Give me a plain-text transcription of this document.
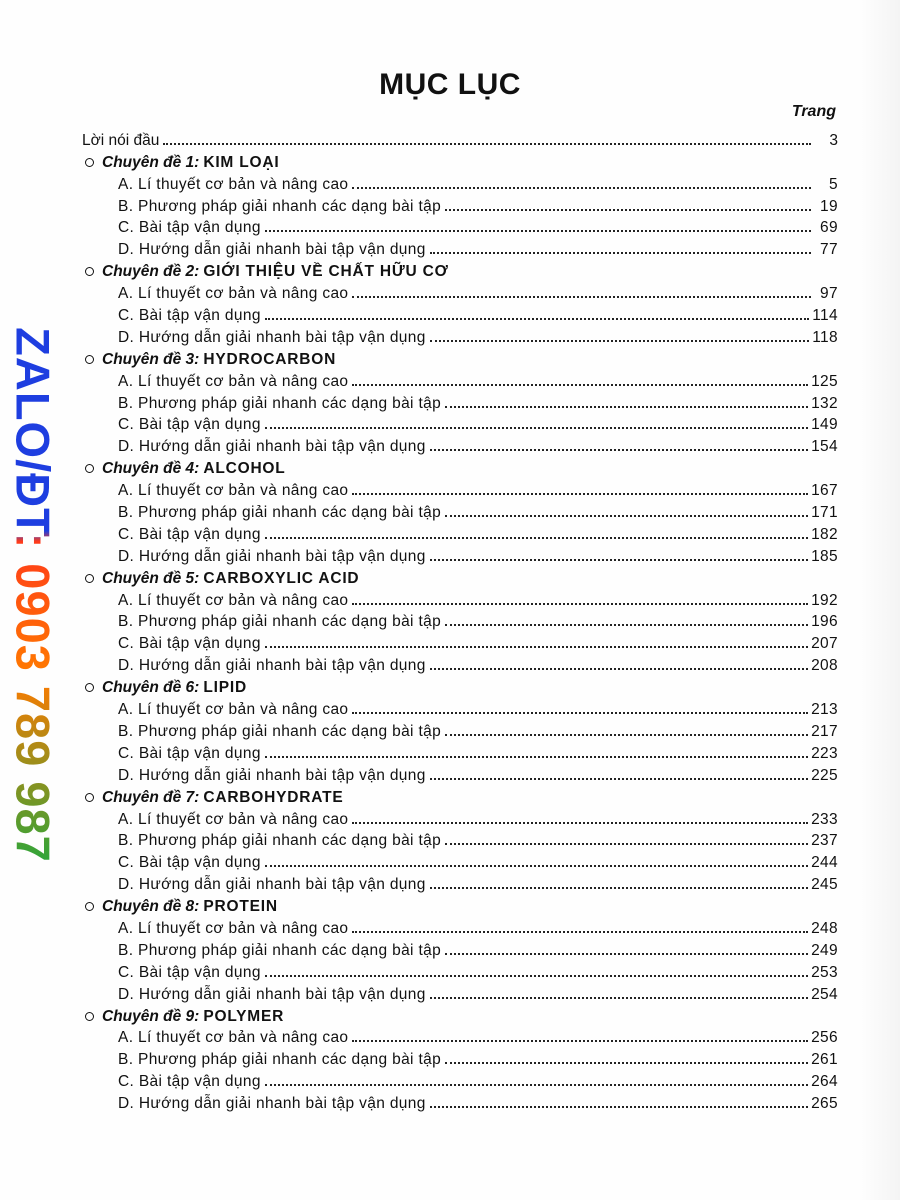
MỤC LỤC
Trang
Lời nói đầu	3
Chuyên đề 1: KIM LOẠI
A. Lí thuyết cơ bản và nâng cao	5
B. Phương pháp giải nhanh các dạng bài tập	19
C. Bài tập vận dụng	69
D. Hướng dẫn giải nhanh bài tập vận dụng	77
Chuyên đề 2: GIỚI THIỆU VỀ CHẤT HỮU CƠ
A. Lí thuyết cơ bản và nâng cao	97
C. Bài tập vận dụng	114
D. Hướng dẫn giải nhanh bài tập vận dụng	118
Chuyên đề 3: HYDROCARBON
A. Lí thuyết cơ bản và nâng cao	125
B. Phương pháp giải nhanh các dạng bài tập	132
C. Bài tập vận dụng	149
D. Hướng dẫn giải nhanh bài tập vận dụng	154
Chuyên đề 4: ALCOHOL
A. Lí thuyết cơ bản và nâng cao	167
B. Phương pháp giải nhanh các dạng bài tập	171
C. Bài tập vận dụng	182
D. Hướng dẫn giải nhanh bài tập vận dụng	185
Chuyên đề 5: CARBOXYLIC ACID
A. Lí thuyết cơ bản và nâng cao	192
B. Phương pháp giải nhanh các dạng bài tập	196
C. Bài tập vận dụng	207
D. Hướng dẫn giải nhanh bài tập vận dụng	208
Chuyên đề 6: LIPID
A. Lí thuyết cơ bản và nâng cao	213
B. Phương pháp giải nhanh các dạng bài tập	217
C. Bài tập vận dụng	223
D. Hướng dẫn giải nhanh bài tập vận dụng	225
Chuyên đề 7: CARBOHYDRATE
A. Lí thuyết cơ bản và nâng cao	233
B. Phương pháp giải nhanh các dạng bài tập	237
C. Bài tập vận dụng	244
D. Hướng dẫn giải nhanh bài tập vận dụng	245
Chuyên đề 8: PROTEIN
A. Lí thuyết cơ bản và nâng cao	248
B. Phương pháp giải nhanh các dạng bài tập	249
C. Bài tập vận dụng	253
D. Hướng dẫn giải nhanh bài tập vận dụng	254
Chuyên đề 9: POLYMER
A. Lí thuyết cơ bản và nâng cao	256
B. Phương pháp giải nhanh các dạng bài tập	261
C. Bài tập vận dụng	264
D. Hướng dẫn giải nhanh bài tập vận dụng	265
ZALO/ĐT: 0903 789 987
